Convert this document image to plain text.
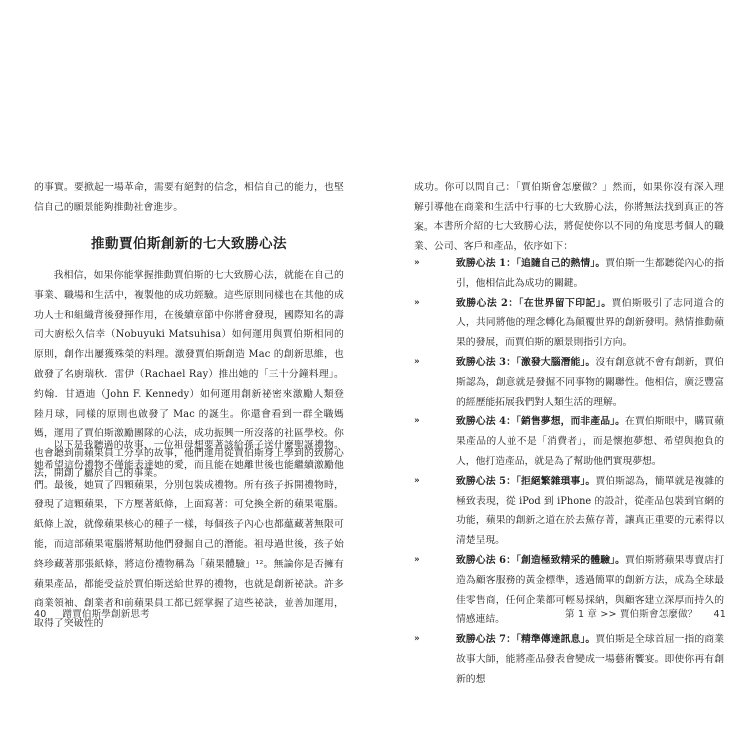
的事實。要掀起一場革命，需要有絕對的信念，相信自己的能力，也堅信自己的願景能夠推動社會進步。

推動賈伯斯創新的七大致勝心法

我相信，如果你能掌握推動賈伯斯的七大致勝心法，就能在自己的事業、職場和生活中，複製他的成功經驗。這些原則同樣也在其他的成功人士和組織背後發揮作用，在後續章節中你將會發現，國際知名的壽司大廚松久信幸（Nobuyuki Matsuhisa）如何運用與賈伯斯相同的原則，創作出屢獲殊榮的料理。激發賈伯斯創造 Mac 的創新思維，也啟發了名廚瑞秋．雷伊（Rachael Ray）推出她的「三十分鐘料理」。約翰．甘迺迪（John F. Kennedy）如何運用創新祕密來激勵人類登陸月球，同樣的原則也啟發了 Mac 的誕生。你還會看到一群全職媽媽，運用了賈伯斯激勵團隊的心法，成功振興一所沒落的社區學校。你也會聽到前蘋果員工分享的故事，他們運用從賈伯斯身上學到的致勝心法，開創了屬於自己的事業。

以下是我聽過的故事，一位祖母想要著該給孫子送什麼聖誕禮物。她希望這份禮物不僅能表達她的愛，而且能在她離世後也能繼續激勵他們。最後，她買了四顆蘋果，分別包裝成禮物。所有孩子拆開禮物時，發現了這顆蘋果，下方壓著紙條，上面寫著：可兌換全新的蘋果電腦。紙條上說，就像蘋果核心的種子一樣，每個孩子內心也都蘊藏著無限可能，而這部蘋果電腦將幫助他們發掘自己的潛能。祖母過世後，孩子始終珍藏著那張紙條，將這份禮物稱為「蘋果體驗」¹²。無論你是否擁有蘋果產品，都能受益於賈伯斯送給世界的禮物，也就是創新祕訣。許多商業領袖、創業者和前蘋果員工都已經掌握了這些祕訣，並善加運用，取得了突破性的

40 蹭賈伯斯學創新思考

成功。你可以問自己：「賈伯斯會怎麼做？」然而，如果你沒有深入理解引導他在商業和生活中行事的七大致勝心法，你將無法找到真正的答案。 本書所介紹的七大致勝心法，將促使你以不同的角度思考個人的職業、公司、客戶和產品，依序如下：

»	致勝心法 1：「追隨自己的熱情」。賈伯斯一生都聽從內心的指引，他相信此為成功的關鍵。
»	致勝心法 2：「在世界留下印記」。賈伯斯吸引了志同道合的人，共同將他的理念轉化為顛覆世界的創新發明。熱情推動蘋果的發展，而賈伯斯的願景則指引方向。
»	致勝心法 3：「激發大腦潛能」。沒有創意就不會有創新，賈伯斯認為，創意就是發掘不同事物的關聯性。他相信，廣泛豐富的經歷能拓展我們對人類生活的理解。
»	致勝心法 4：「銷售夢想，而非產品」。在賈伯斯眼中，購買蘋果產品的人並不是「消費者」，而是懷抱夢想、希望與抱負的人，他打造產品，就是為了幫助他們實現夢想。
»	致勝心法 5：「拒絕繁雜瑣事」。賈伯斯認為，簡單就是複雜的極致表現，從 iPod 到 iPhone 的設計，從產品包裝到官網的功能，蘋果的創新之道在於去蕪存菁，讓真正重要的元素得以清楚呈現。
»	致勝心法 6：「創造極致精采的體驗」。賈伯斯將蘋果專賣店打造為顧客服務的黃金標準，透過簡單的創新方法，成為全球最佳零售商，任何企業都可輕易採納，與顧客建立深厚而持久的情感連結。
»	致勝心法 7：「精準傳達訊息」。賈伯斯是全球首屈一指的商業故事大師，能將產品發表會變成一場藝術饗宴。即使你再有創新的想
第 1 章 >> 賈伯斯會怎麼做？ 41
